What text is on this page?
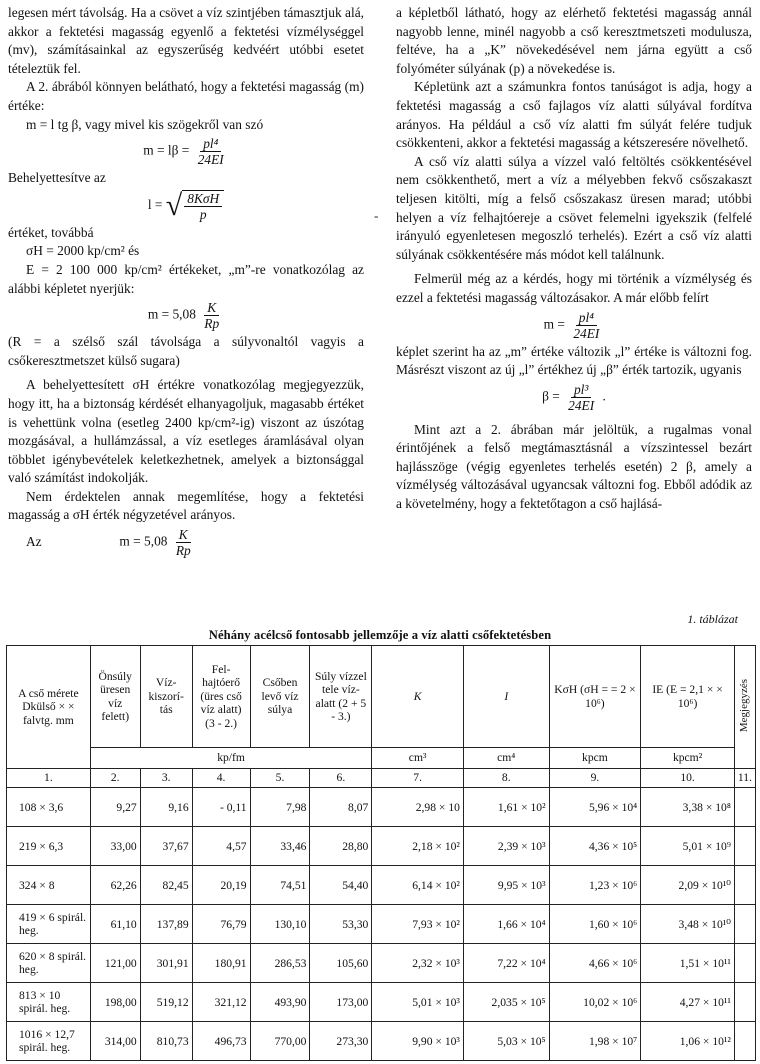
legesen mért távolság. Ha a csövet a víz szintjében támasztjuk alá, akkor a fektetési magasság egyenlő a fektetési vízmélységgel (mv), számításainkal az egyszerűség kedvéért utóbbi esetet tételeztük fel.

A 2. ábrából könnyen belátható, hogy a fektetési magasság (m) értéke:

m = l tg β, vagy mivel kis szögekről van szó

$m = l\beta = \frac{\text{pl⁴}}{24EI}$

Behelyettesítve az

l = √ $\frac{\text{8KσH}}{p}$

értéket, továbbá

σH = 2000 kp/cm² és

E = 2 100 000 kp/cm² értékeket, „m”-re vonatkozólag az alábbi képletet nyerjük:

$m = 5,08 \frac{K}{Rp}$

(R = a szélső szál távolsága a súlyvonaltól vagyis a csőkeresztmetszet külső sugara)

A behelyettesített σH értékre vonatkozólag megjegyezzük, hogy itt, ha a biztonság kérdését elhanyagoljuk, magasabb értéket is vehettünk volna (esetleg 2400 kp/cm²-ig) viszont az úszótag mozgásával, a hullámzással, a víz esetleges áramlásával olyan többlet igénybevételek keletkezhetnek, amelyek a biztonsággal való számítást indokolják.

Nem érdektelen annak megemlítése, hogy a fektetési magasság a σH érték négyzetével arányos.

Az	$m = 5,08 \frac{K}{Rp}$
-

a képletből látható, hogy az elérhető fektetési magasság annál nagyobb lenne, minél nagyobb a cső keresztmetszeti modulusza, feltéve, ha a „K” növekedésével nem járna együtt a cső folyóméter súlyának (p) a növekedése is.

Képletünk azt a számunkra fontos tanúságot is adja, hogy a fektetési magasság a cső fajlagos víz alatti súlyával fordítva arányos. Ha például a cső víz alatti fm súlyát felére tudjuk csökkenteni, akkor a fektetési magasság a kétszeresére növelhető.

A cső víz alatti súlya a vízzel való feltöltés csökkentésével nem csökkenthető, mert a víz a mélyebben fekvő csőszakaszt teljesen kitölti, míg a felső csőszakasz üresen marad; utóbbi helyen a víz felhajtóereje a csövet felemelni igyekszik (felfelé irányuló egyenletesen megoszló terhelés). Ezért a cső víz alatti súlyának csökkentésére más módot kell találnunk.

Felmerül még az a kérdés, hogy mi történik a vízmélység és ezzel a fektetési magasság változásakor. A már előbb felírt

$m = \frac{\text{pl⁴}}{24EI}$

képlet szerint ha az „m” értéke változik „l” értéke is változni fog. Másrészt viszont az új „l” értékhez új „β” érték tartozik, ugyanis

$\beta = \frac{\text{pl³}}{24EI}$ .

Mint azt a 2. ábrában már jelöltük, a rugalmas vonal érintőjének a felső megtámasztásnál a vízszintessel bezárt hajlásszöge (végig egyenletes terhelés esetén) 2 β, amely a vízmélység változásával ugyancsak változni fog. Ebből adódik az a követelmény, hogy a fektetőtagon a cső hajlásá-

1. táblázat
Néhány acélcső fontosabb jellemzője a víz alatti csőfektetésben
A cső mérete Dkülső × × falvtg. mm	Önsúly üresen víz felett)	Víz-kiszorí-tás	Fel-hajtóerő (üres cső víz alatt) (3 - 2.)	Csőben levő víz súlya	Súly vízzel tele víz-alatt (2 + 5 - 3.)	K	I	KσH (σH = = 2 × 10⁶)	IE (E = 2,1 × × 10⁶)	Megjegyzés
	kp/fm					cm³	cm⁴	kpcm	kpcm²	
1.	2.	3.	4.	5.	6.	7.	8.	9.	10.	11.
108 × 3,6	9,27	9,16	- 0,11	7,98	8,07	2,98 × 10	1,61 × 10²	5,96 × 10⁴	3,38 × 10⁸	
219 × 6,3	33,00	37,67	4,57	33,46	28,80	2,18 × 10²	2,39 × 10³	4,36 × 10⁵	5,01 × 10⁹	
324 × 8	62,26	82,45	20,19	74,51	54,40	6,14 × 10²	9,95 × 10³	1,23 × 10⁶	2,09 × 10¹⁰	
419 × 6 spirál. heg.	61,10	137,89	76,79	130,10	53,30	7,93 × 10²	1,66 × 10⁴	1,60 × 10⁶	3,48 × 10¹⁰	
620 × 8 spirál. heg.	121,00	301,91	180,91	286,53	105,60	2,32 × 10³	7,22 × 10⁴	4,66 × 10⁶	1,51 × 10¹¹	
813 × 10 spirál. heg.	198,00	519,12	321,12	493,90	173,00	5,01 × 10³	2,035 × 10⁵	10,02 × 10⁶	4,27 × 10¹¹	
1016 × 12,7 spirál. heg.	314,00	810,73	496,73	770,00	273,30	9,90 × 10³	5,03 × 10⁵	1,98 × 10⁷	1,06 × 10¹²	
